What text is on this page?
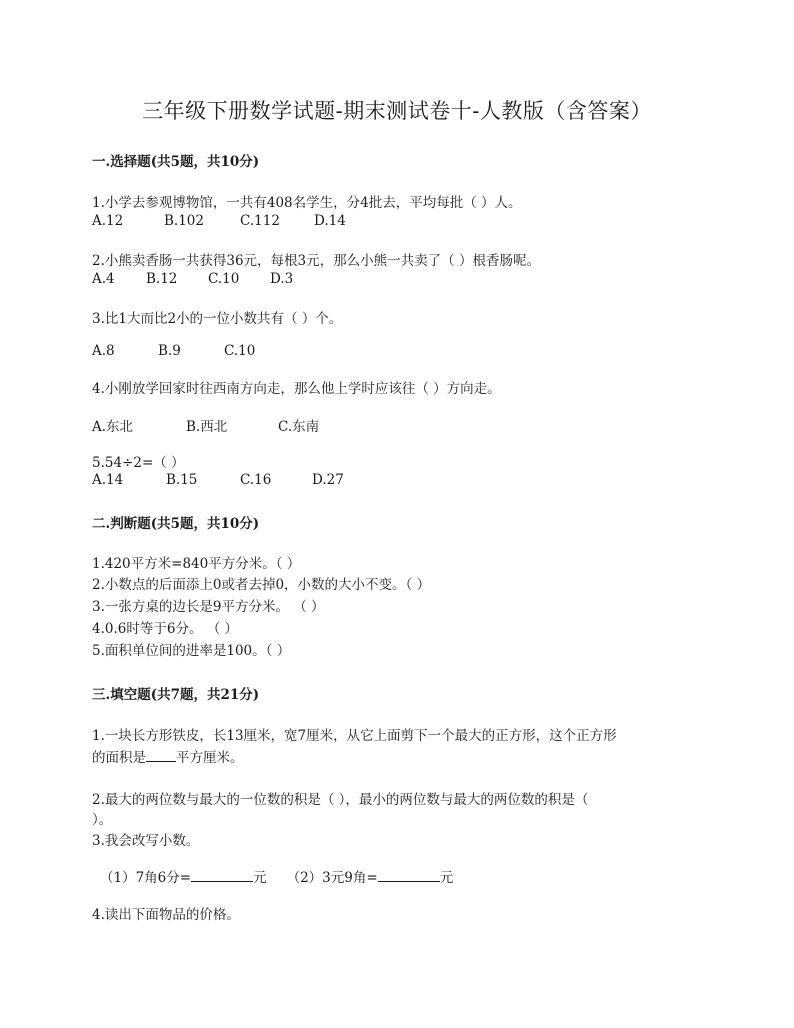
三年级下册数学试题-期末测试卷十-人教版（含答案）
一.选择题(共5题，共10分)
1.小学去参观博物馆，一共有408名学生，分4批去，平均每批（ ）人。
A.12	B.102	C.112	D.14
2.小熊卖香肠一共获得36元，每根3元，那么小熊一共卖了（ ）根香肠呢。
A.4 B.12 C.10 D.3
3.比1大而比2小的一位小数共有（ ）个。
A.8	B.9	C.10
4.小刚放学回家时往西南方向走，那么他上学时应该往（ ）方向走。
A.东北	B.西北	C.东南
5.54÷2=（ ）
A.14	B.15	C.16	D.27
二.判断题(共5题，共10分)
1.420平方米=840平方分米。（ ）
2.小数点的后面添上0或者去掉0，小数的大小不变。（ ）
3.一张方桌的边长是9平方分米。 （ ）
4.0.6时等于6分。 （ ）
5.面积单位间的进率是100。（ ）
三.填空题(共7题，共21分)
1.一块长方形铁皮，长13厘米，宽7厘米，从它上面剪下一个最大的正方形，这个正方形
的面积是 平方厘米。
2.最大的两位数与最大的一位数的积是（ ），最小的两位数与最大的两位数的积是（
）。
3.我会改写小数。
（1）7角6分=	元 （2）3元9角=	元
4.读出下面物品的价格。
